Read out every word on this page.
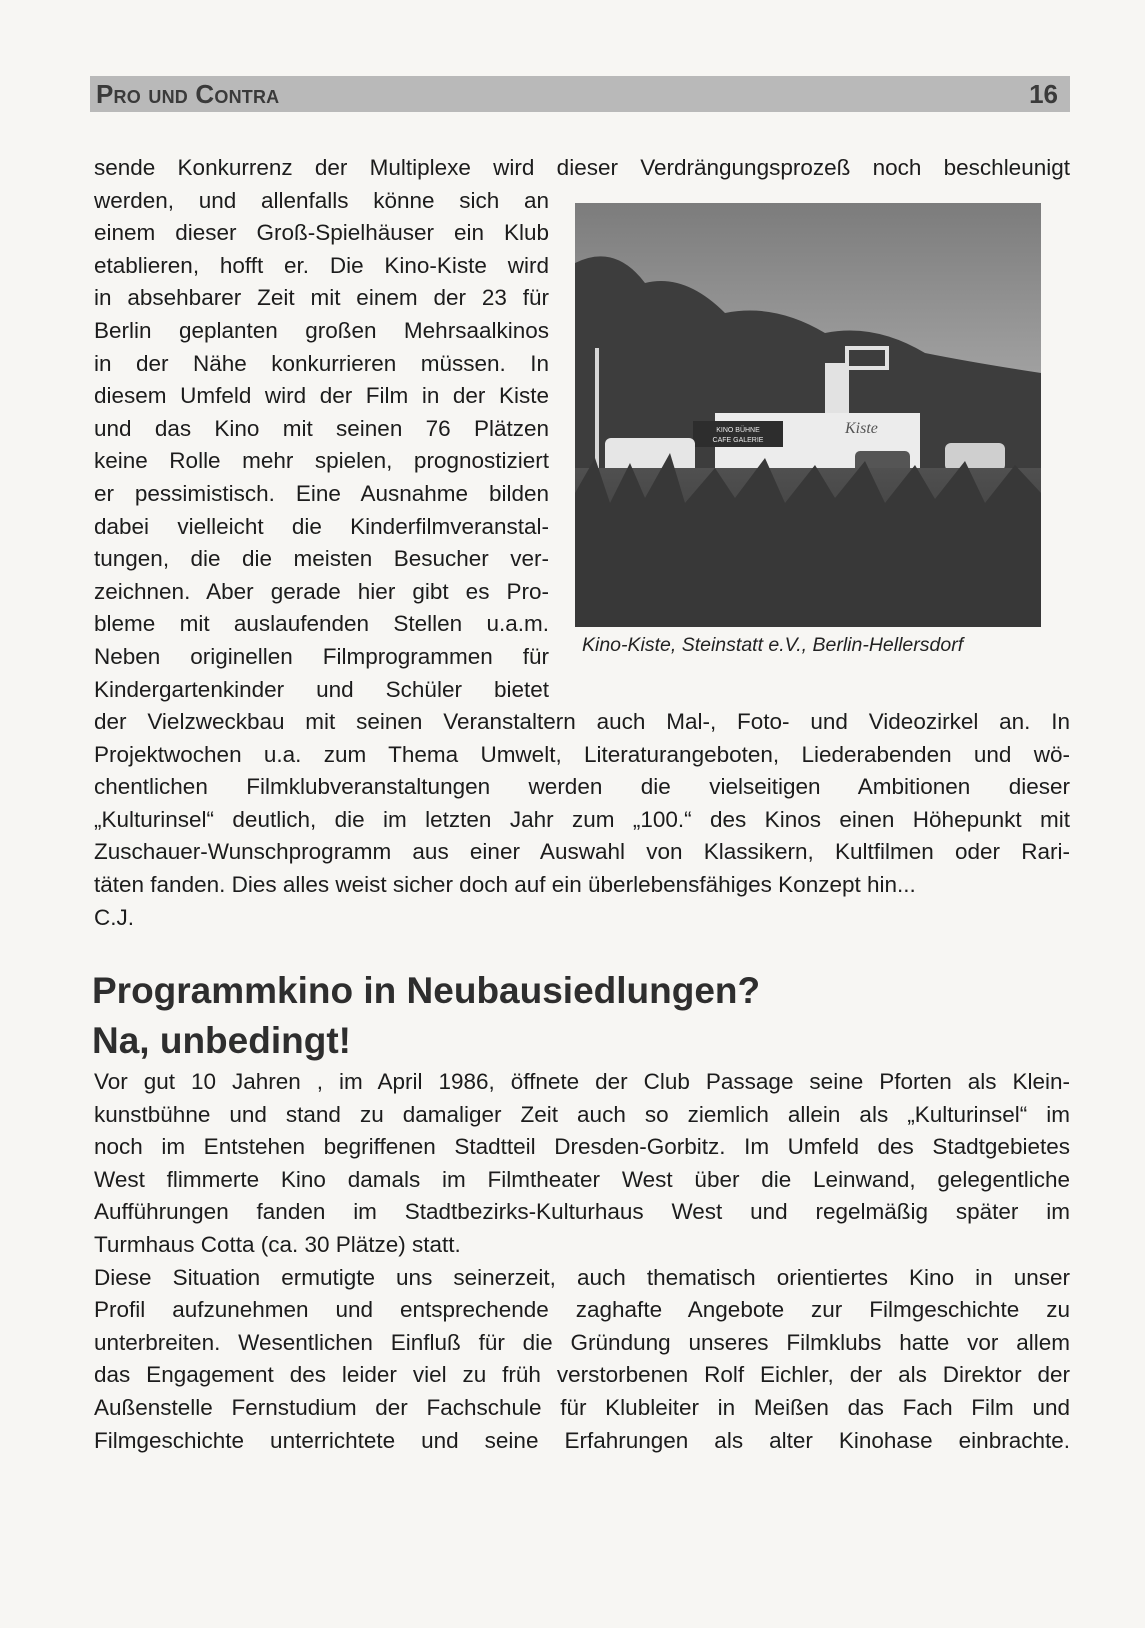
Pro und Contra	16
sende Konkurrenz der Multiplexe wird dieser Verdrängungsprozeß noch beschleunigt
werden, und allenfalls könne sich an
einem dieser Groß-Spielhäuser ein Klub
etablieren, hofft er. Die Kino-Kiste wird
in absehbarer Zeit mit einem der 23 für
Berlin geplanten großen Mehrsaalkinos
in der Nähe konkurrieren müssen. In
diesem Umfeld wird der Film in der Kiste
und das Kino mit seinen 76 Plätzen
keine Rolle mehr spielen, prognostiziert
er pessimistisch. Eine Ausnahme bilden
dabei vielleicht die Kinderfilmveranstal-
tungen, die die meisten Besucher ver-
zeichnen. Aber gerade hier gibt es Pro-
bleme mit auslaufenden Stellen u.a.m.
Neben originellen Filmprogrammen für
Kindergartenkinder und Schüler bietet
der Vielzweckbau mit seinen Veranstaltern auch Mal-, Foto- und Videozirkel an. In
Projektwochen u.a. zum Thema Umwelt, Literaturangeboten, Liederabenden und wö-
chentlichen Filmklubveranstaltungen werden die vielseitigen Ambitionen dieser
„Kulturinsel“ deutlich, die im letzten Jahr zum „100.“ des Kinos einen Höhepunkt mit
Zuschauer-Wunschprogramm aus einer Auswahl von Klassikern, Kultfilmen oder Rari-
täten fanden. Dies alles weist sicher doch auf ein überlebensfähiges Konzept hin...
C.J.
KINO BÜHNE
CAFE GALERIE
Kiste
Kino-Kiste, Steinstatt e.V., Berlin-Hellersdorf
Programmkino in Neubausiedlungen?
Na, unbedingt!
Vor gut 10 Jahren , im April 1986, öffnete der Club Passage seine Pforten als Klein-
kunstbühne und stand zu damaliger Zeit auch so ziemlich allein als „Kulturinsel“ im
noch im Entstehen begriffenen Stadtteil Dresden-Gorbitz. Im Umfeld des Stadtgebietes
West flimmerte Kino damals im Filmtheater West über die Leinwand, gelegentliche
Aufführungen fanden im Stadtbezirks-Kulturhaus West und regelmäßig später im
Turmhaus Cotta (ca. 30 Plätze) statt.
Diese Situation ermutigte uns seinerzeit, auch thematisch orientiertes Kino in unser
Profil aufzunehmen und entsprechende zaghafte Angebote zur Filmgeschichte zu
unterbreiten. Wesentlichen Einfluß für die Gründung unseres Filmklubs hatte vor allem
das Engagement des leider viel zu früh verstorbenen Rolf Eichler, der als Direktor der
Außenstelle Fernstudium der Fachschule für Klubleiter in Meißen das Fach Film und
Filmgeschichte unterrichtete und seine Erfahrungen als alter Kinohase einbrachte.
